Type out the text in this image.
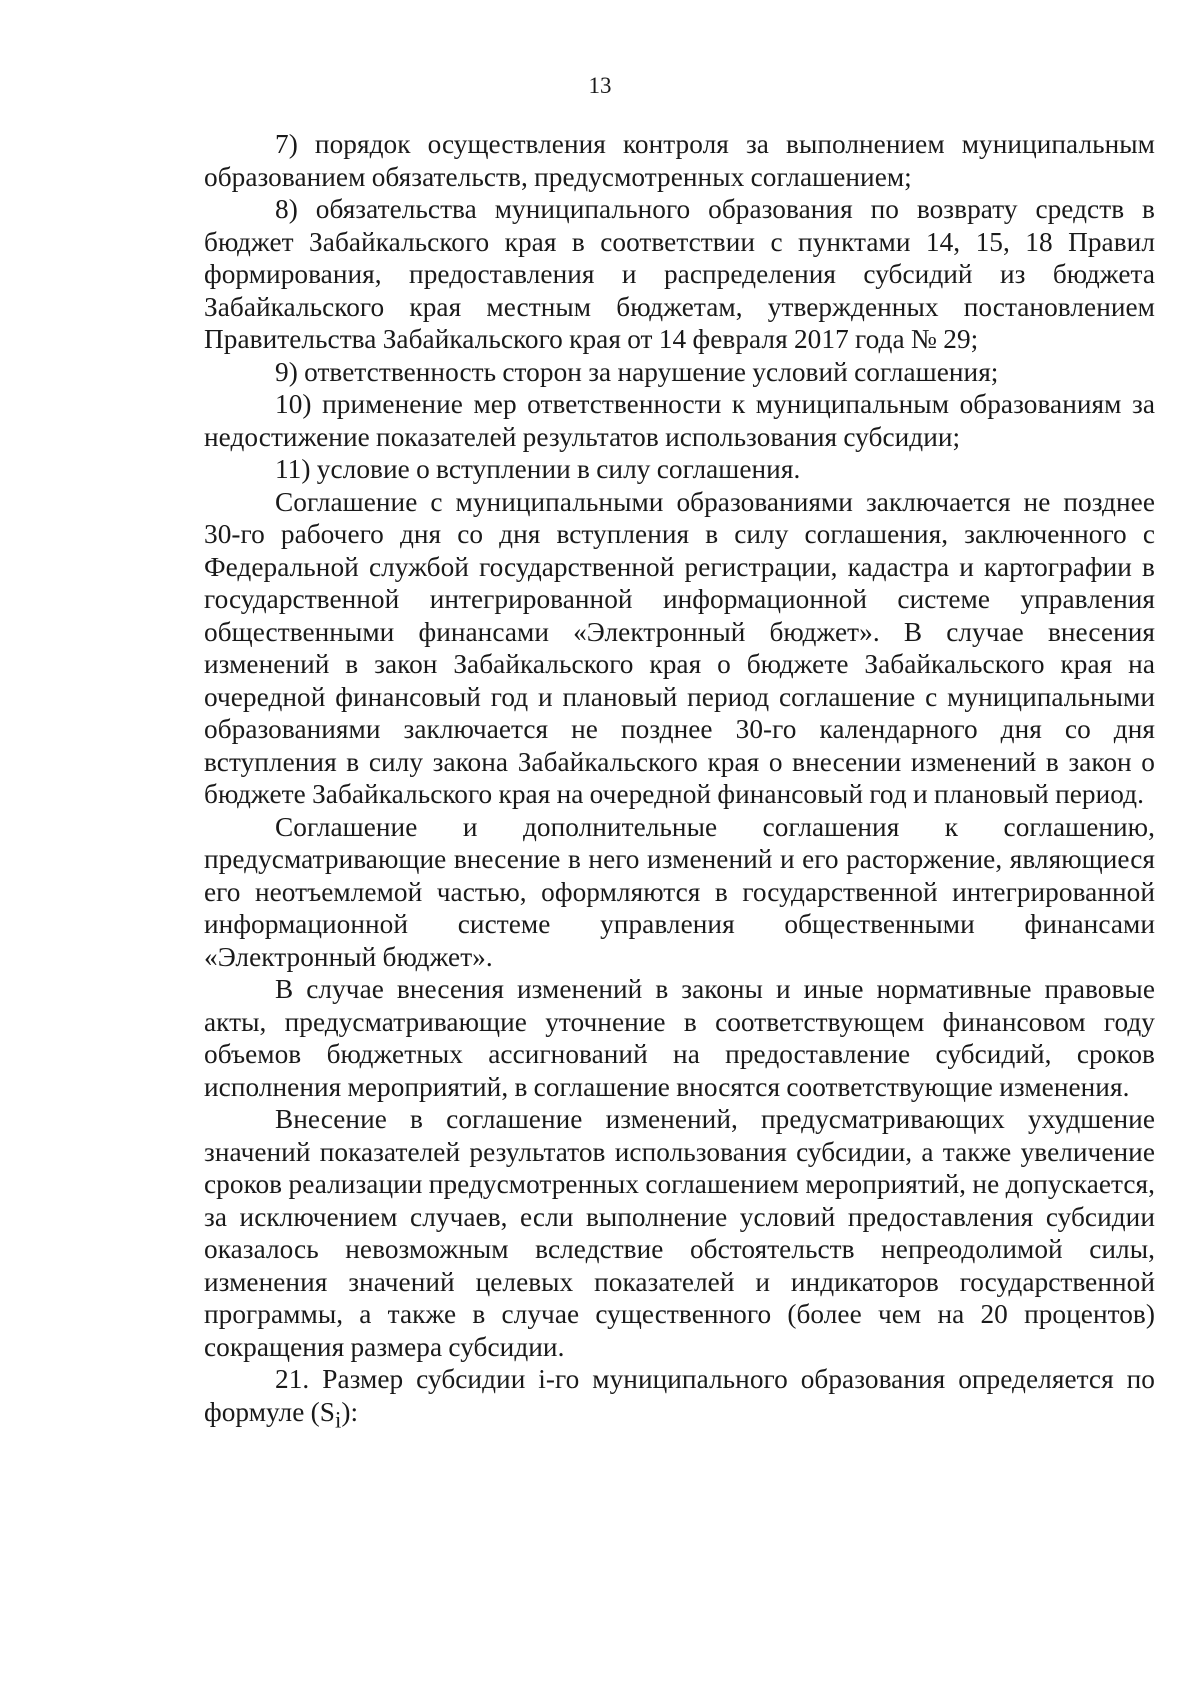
13

7) порядок осуществления контроля за выполнением муниципальным образованием обязательств, предусмотренных соглашением;

8) обязательства муниципального образования по возврату средств в бюджет Забайкальского края в соответствии с пунктами 14, 15, 18 Правил формирования, предоставления и распределения субсидий из бюджета Забайкальского края местным бюджетам, утвержденных постановлением Правительства Забайкальского края от 14 февраля 2017 года № 29;

9) ответственность сторон за нарушение условий соглашения;

10) применение мер ответственности к муниципальным образованиям за недостижение показателей результатов использования субсидии;

11) условие о вступлении в силу соглашения.

Соглашение с муниципальными образованиями заключается не позднее 30-го рабочего дня со дня вступления в силу соглашения, заключенного с Федеральной службой государственной регистрации, кадастра и картографии в государственной интегрированной информационной системе управления общественными финансами «Электронный бюджет». В случае внесения изменений в закон Забайкальского края о бюджете Забайкальского края на очередной финансовый год и плановый период соглашение с муниципальными образованиями заключается не позднее 30-го календарного дня со дня вступления в силу закона Забайкальского края о внесении изменений в закон о бюджете Забайкальского края на очередной финансовый год и плановый период.

Соглашение и дополнительные соглашения к соглашению, предусматривающие внесение в него изменений и его расторжение, являющиеся его неотъемлемой частью, оформляются в государственной интегрированной информационной системе управления общественными финансами «Электронный бюджет».

В случае внесения изменений в законы и иные нормативные правовые акты, предусматривающие уточнение в соответствующем финансовом году объемов бюджетных ассигнований на предоставление субсидий, сроков исполнения мероприятий, в соглашение вносятся соответствующие изменения.

Внесение в соглашение изменений, предусматривающих ухудшение значений показателей результатов использования субсидии, а также увеличение сроков реализации предусмотренных соглашением мероприятий, не допускается, за исключением случаев, если выполнение условий предоставления субсидии оказалось невозможным вследствие обстоятельств непреодолимой силы, изменения значений целевых показателей и индикаторов государственной программы, а также в случае существенного (более чем на 20 процентов) сокращения размера субсидии.

21. Размер субсидии i-го муниципального образования определяется по формуле $(S_i)$:
